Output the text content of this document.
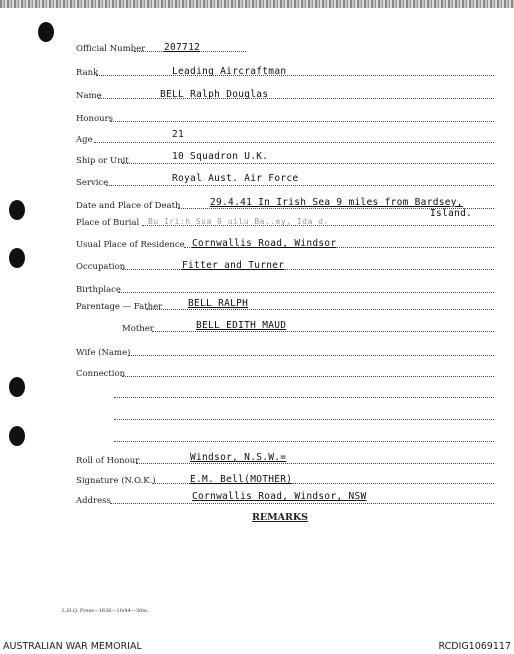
Official Number 207712
Rank	Leading Aircraftman
Name	BELL Ralph Douglas
Honours
Age	21
Ship or Unit	10 Squadron U.K.
Service	Royal Aust. Air Force
Date and Place of Death	29.4.41 In Irish Sea 9 miles from Bardsey,
Island.
Place of Burial Bu Iri:h Sua 9 uilu Ba..ey, Ida d.
Usual Place of Residence Cornwallis Road, Windsor
Occupation	Fitter and Turner
Birthplace
Parentage — Father	BELL RALPH
Mother	BELL EDITH MAUD
Wife (Name)
Connection
Roll of Honour	Windsor, N.S.W.=
Signature (N.O.K.)	E.M. Bell(MOTHER)
Address	Cornwallis Road, Windsor, NSW
REMARKS
L.H.Q. Press—1636—10/44—30m.
AUSTRALIAN WAR MEMORIAL	RCDIG1069117
